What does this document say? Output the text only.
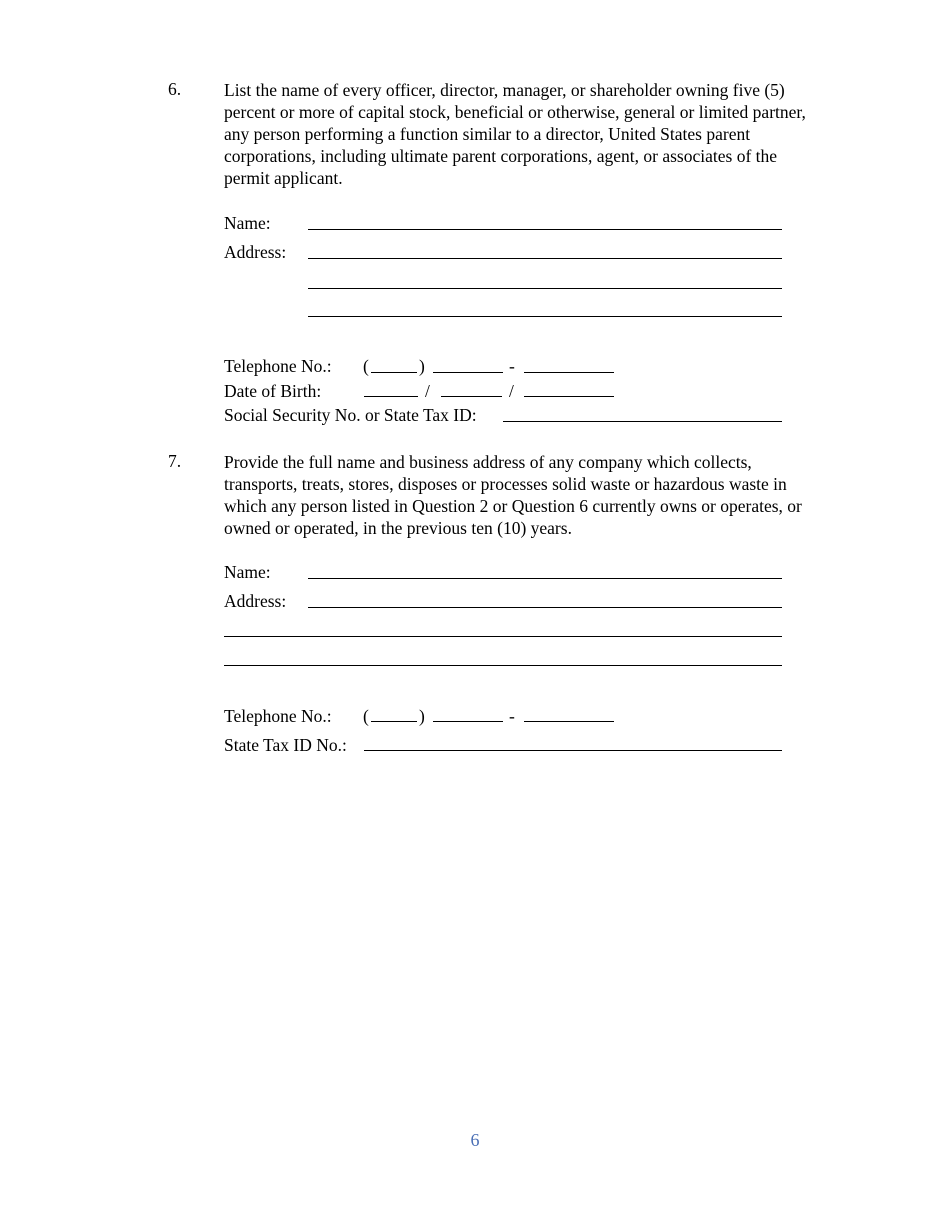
6. List the name of every officer, director, manager, or shareholder owning five (5) percent or more of capital stock, beneficial or otherwise, general or limited partner, any person performing a function similar to a director, United States parent corporations, including ultimate parent corporations, agent, or associates of the permit applicant.
Name:
Address:
Telephone No.: (	)	-
Date of Birth:	/	/
Social Security No. or State Tax ID:
7. Provide the full name and business address of any company which collects, transports, treats, stores, disposes or processes solid waste or hazardous waste in which any person listed in Question 2 or Question 6 currently owns or operates, or owned or operated, in the previous ten (10) years.
Name:
Address:
Telephone No.: (	)	-
State Tax ID No.:
6
